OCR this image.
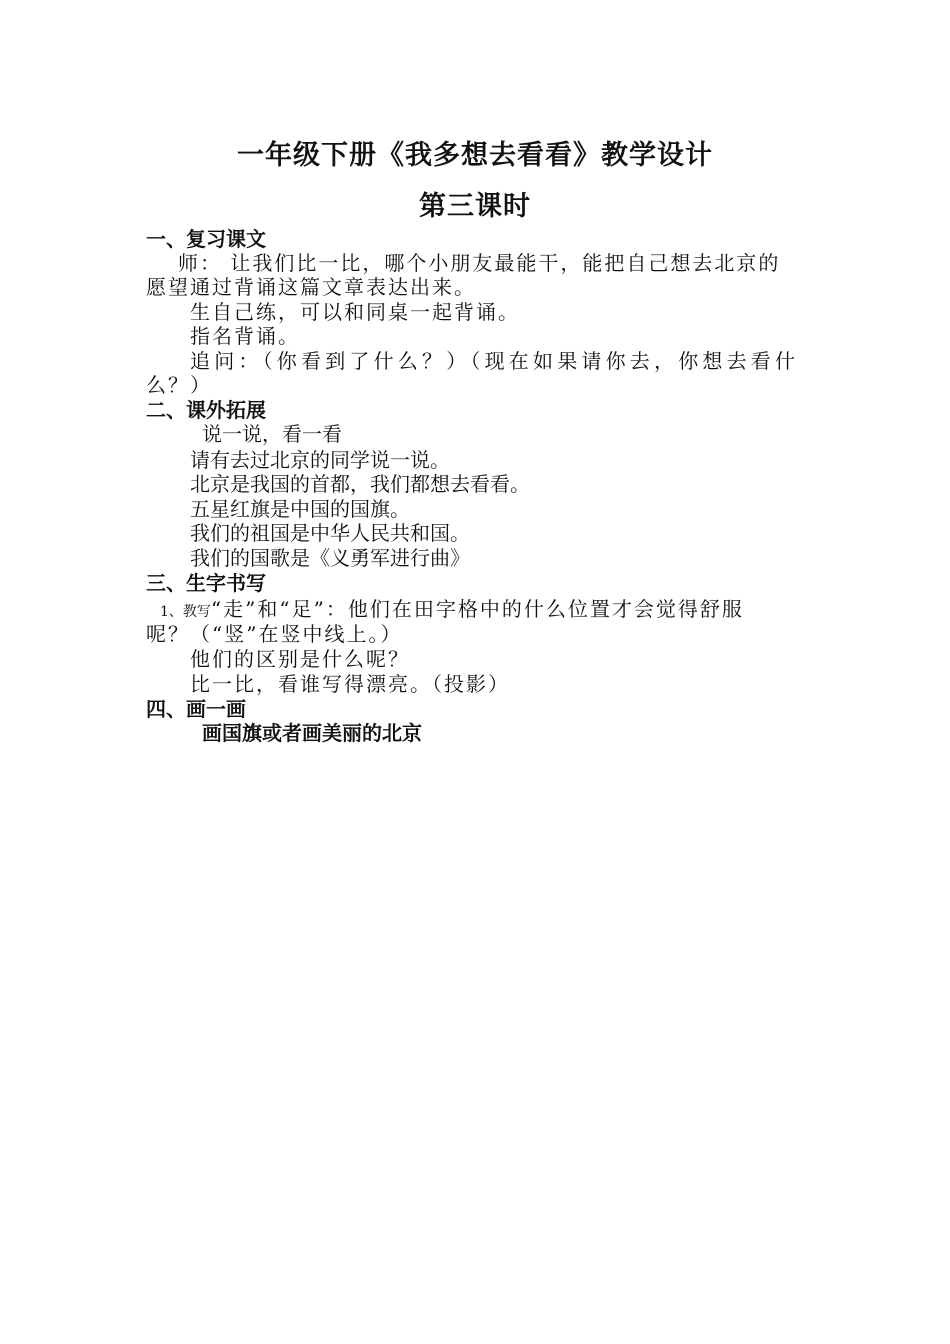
一年级下册《我多想去看看》教学设计
第三课时
一、复习课文
师： 让我们比一比，哪个小朋友最能干，能把自己想去北京的
愿望通过背诵这篇文章表达出来。
生自己练，可以和同桌一起背诵。
指名背诵。
追问：（你看到了什么？）（现在如果请你去，你想去看什
么？）
二、课外拓展
说一说，看一看
请有去过北京的同学说一说。
北京是我国的首都，我们都想去看看。
五星红旗是中国的国旗。
我们的祖国是中华人民共和国。
我们的国歌是《义勇军进行曲》
三、生字书写
1、教写“走”和“足”：他们在田字格中的什么位置才会觉得舒服
呢？（“竖”在竖中线上。）
他们的区别是什么呢？
比一比，看谁写得漂亮。（投影）
四、画一画
画国旗或者画美丽的北京
